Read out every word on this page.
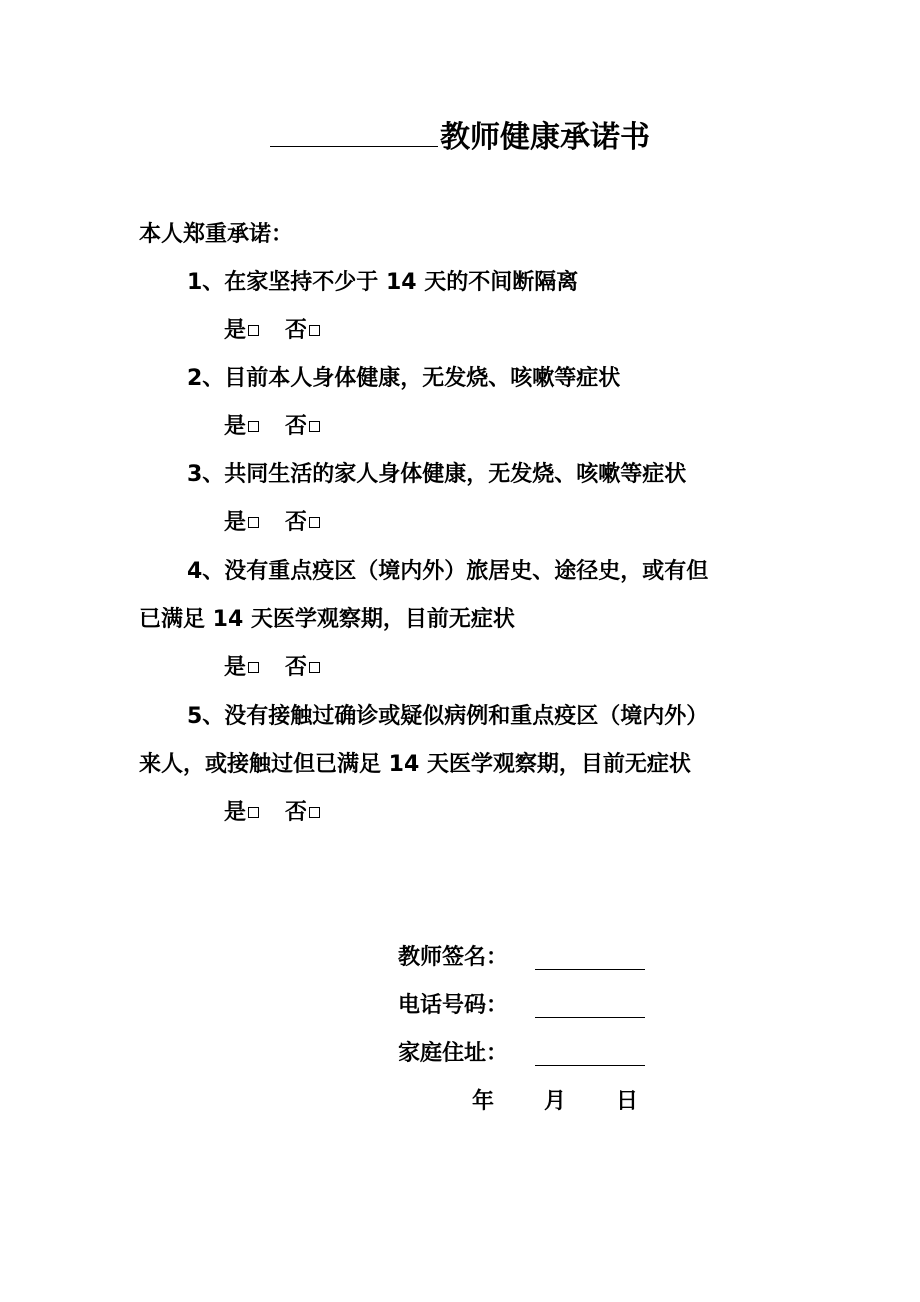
教师健康承诺书
本人郑重承诺：
1、在家坚持不少于 14 天的不间断隔离
是 否
2、目前本人身体健康，无发烧、咳嗽等症状
是 否
3、共同生活的家人身体健康，无发烧、咳嗽等症状
是 否
4、没有重点疫区（境内外）旅居史、途径史，或有但
已满足 14 天医学观察期，目前无症状
是 否
5、没有接触过确诊或疑似病例和重点疫区（境内外）
来人，或接触过但已满足 14 天医学观察期，目前无症状
是 否
教师签名：
电话号码：
家庭住址：
年 月 日
